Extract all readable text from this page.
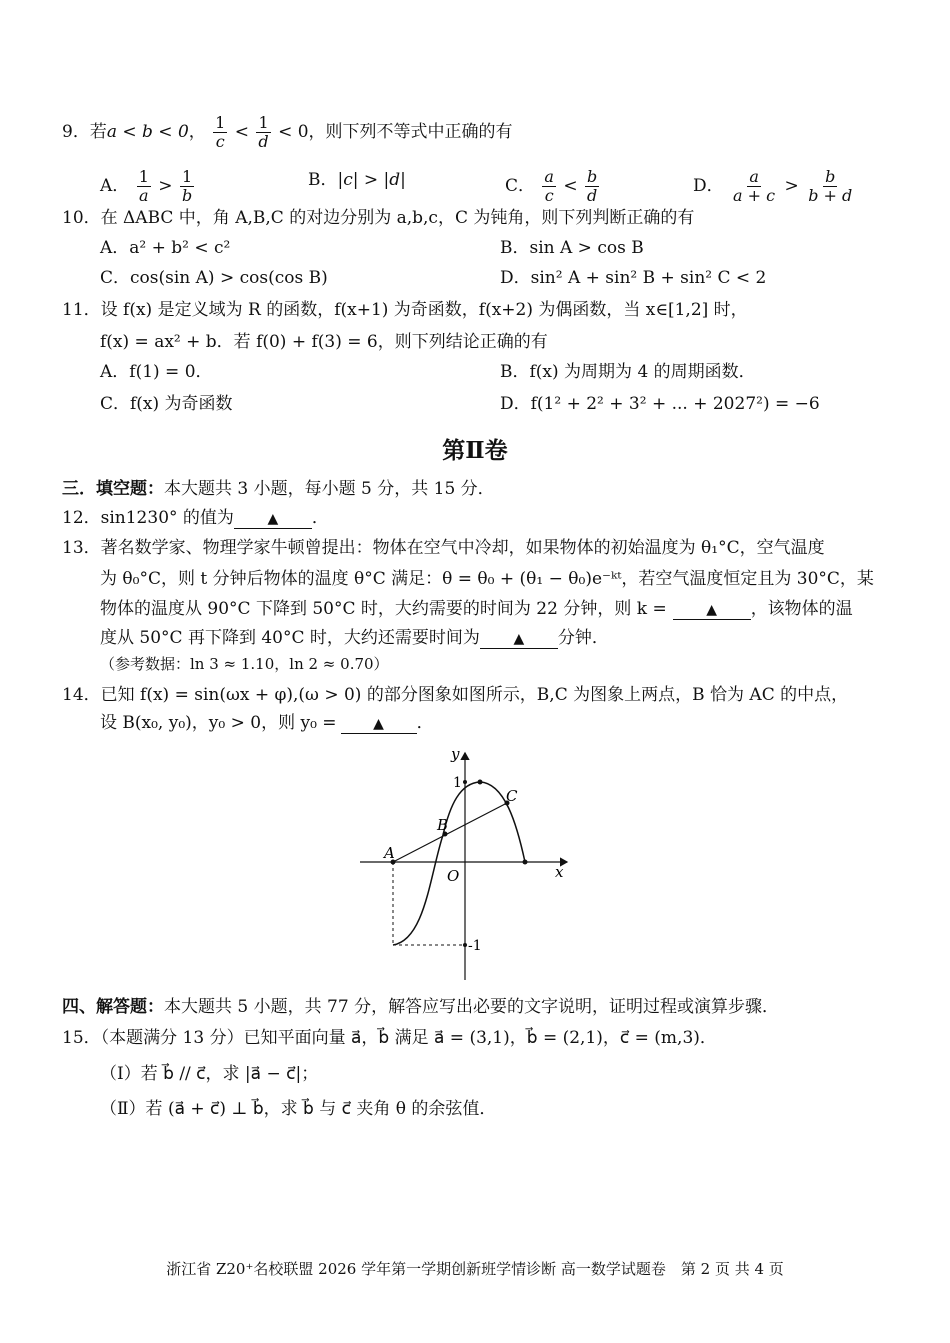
9．若a < b < 0， $\frac{1}{c} < \frac{1}{d} < 0$，则下列不等式中正确的有
A． $\frac{1}{a} > \frac{1}{b}$	B．|c| > |d|	C． $\frac{a}{c} < \frac{b}{d}$	D． $\frac{a}{a + c} > \frac{b}{b + d}$
10．在 ΔABC 中，角 A,B,C 的对边分别为 a,b,c，C 为钝角，则下列判断正确的有
A．a² + b² < c²	B．sin A > cos B
C．cos(sin A) > cos(cos B)	D．sin² A + sin² B + sin² C < 2
11．设 f(x) 是定义域为 R 的函数，f(x+1) 为奇函数，f(x+2) 为偶函数，当 x∈[1,2] 时，
f(x) = ax² + b．若 f(0) + f(3) = 6，则下列结论正确的有
A．f(1) = 0．	B．f(x) 为周期为 4 的周期函数．
C．f(x) 为奇函数	D．f(1² + 2² + 3² + ... + 2027²) = −6
第Ⅱ卷
三．填空题：本大题共 3 小题，每小题 5 分，共 15 分．
12．sin1230° 的值为 ▲ ．
13．著名数学家、物理学家牛顿曾提出：物体在空气中冷却，如果物体的初始温度为 θ₁°C，空气温度
为 θ₀°C，则 t 分钟后物体的温度 θ°C 满足：θ = θ₀ + (θ₁ − θ₀)e⁻ᵏᵗ，若空气温度恒定且为 30°C，某
物体的温度从 90°C 下降到 50°C 时，大约需要的时间为 22 分钟，则 k =	▲ ，该物体的温
度从 50°C 再下降到 40°C 时，大约还需要时间为 ▲ 分钟．
（参考数据：ln 3 ≈ 1.10，ln 2 ≈ 0.70）
14．已知 f(x) = sin(ωx + φ),(ω > 0) 的部分图象如图所示，B,C 为图象上两点，B 恰为 AC 的中点，
设 B(x₀, y₀)，y₀ > 0，则 y₀ =	▲ ．
y
x
O
1
-1
A
B
C
四、解答题：本大题共 5 小题，共 77 分，解答应写出必要的文字说明，证明过程或演算步骤．
15．（本题满分 13 分）已知平面向量 a⃗，b⃗ 满足 a⃗ = (3,1)，b⃗ = (2,1)，c⃗ = (m,3)．
（Ⅰ）若 b⃗ // c⃗，求 |a⃗ − c⃗|；
（Ⅱ）若 (a⃗ + c⃗) ⊥ b⃗，求 b⃗ 与 c⃗ 夹角 θ 的余弦值．
浙江省 Z20⁺名校联盟 2026 学年第一学期创新班学情诊断 高一数学试题卷　第 2 页 共 4 页
